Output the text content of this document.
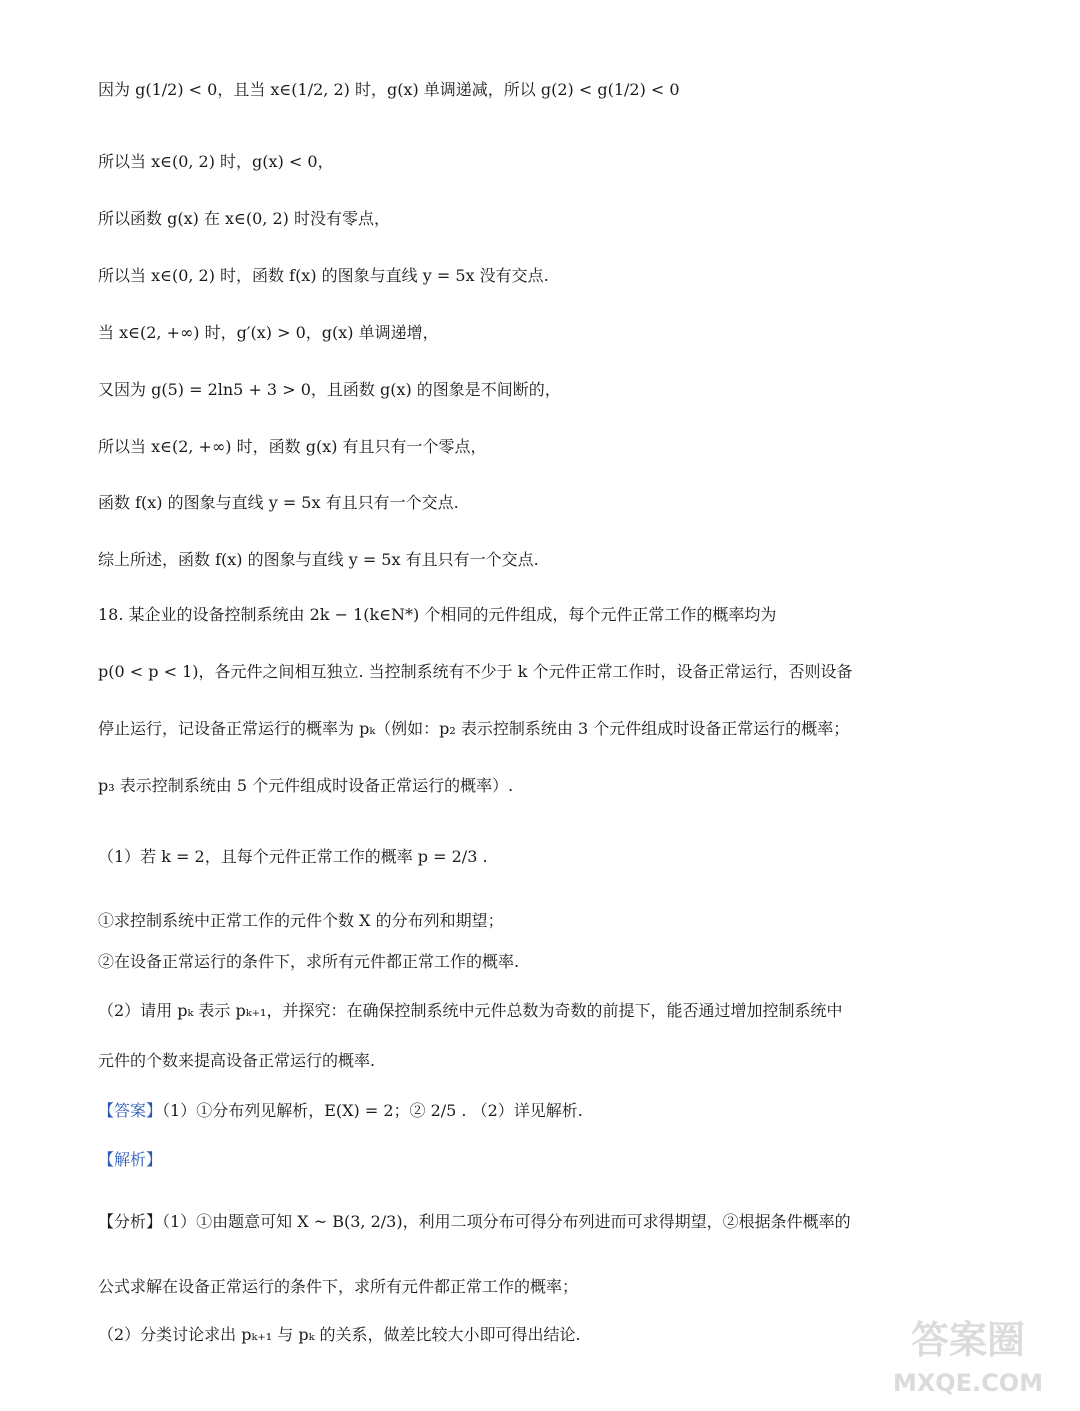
因为 g(1/2) < 0，且当 x∈(1/2, 2) 时，g(x) 单调递减，所以 g(2) < g(1/2) < 0
所以当 x∈(0, 2) 时，g(x) < 0，
所以函数 g(x) 在 x∈(0, 2) 时没有零点，
所以当 x∈(0, 2) 时，函数 f(x) 的图象与直线 y = 5x 没有交点.
当 x∈(2, +∞) 时，g′(x) > 0，g(x) 单调递增，
又因为 g(5) = 2ln5 + 3 > 0，且函数 g(x) 的图象是不间断的，
所以当 x∈(2, +∞) 时，函数 g(x) 有且只有一个零点，
函数 f(x) 的图象与直线 y = 5x 有且只有一个交点.
综上所述，函数 f(x) 的图象与直线 y = 5x 有且只有一个交点.
18. 某企业的设备控制系统由 2k − 1(k∈N*) 个相同的元件组成，每个元件正常工作的概率均为
p(0 < p < 1)，各元件之间相互独立. 当控制系统有不少于 k 个元件正常工作时，设备正常运行，否则设备
停止运行，记设备正常运行的概率为 pₖ（例如：p₂ 表示控制系统由 3 个元件组成时设备正常运行的概率；
p₃ 表示控制系统由 5 个元件组成时设备正常运行的概率）.
（1）若 k = 2，且每个元件正常工作的概率 p = 2/3 .
①求控制系统中正常工作的元件个数 X 的分布列和期望；
②在设备正常运行的条件下，求所有元件都正常工作的概率.
（2）请用 pₖ 表示 pₖ₊₁，并探究：在确保控制系统中元件总数为奇数的前提下，能否通过增加控制系统中
元件的个数来提高设备正常运行的概率.
【答案】（1）①分布列见解析，E(X) = 2；② 2/5 . （2）详见解析.
【解析】
【分析】（1）①由题意可知 X ~ B(3, 2/3)，利用二项分布可得分布列进而可求得期望，②根据条件概率的
公式求解在设备正常运行的条件下，求所有元件都正常工作的概率；
（2）分类讨论求出 pₖ₊₁ 与 pₖ 的关系，做差比较大小即可得出结论.	答案圈
MXQE.COM
